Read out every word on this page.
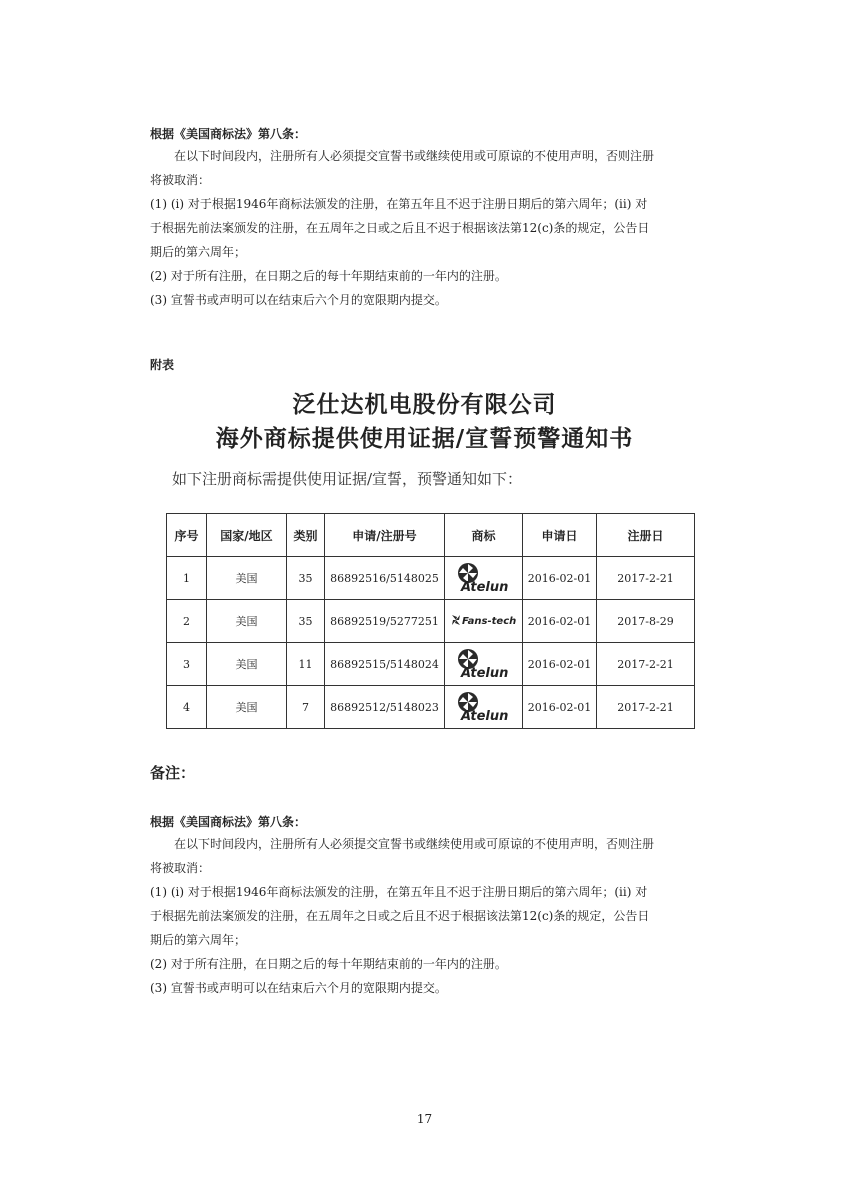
根据《美国商标法》第八条：
在以下时间段内，注册所有人必须提交宣誓书或继续使用或可原谅的不使用声明，否则注册
将被取消：
(1) (i) 对于根据1946年商标法颁发的注册，在第五年且不迟于注册日期后的第六周年；(ii) 对
于根据先前法案颁发的注册，在五周年之日或之后且不迟于根据该法第12(c)条的规定，公告日
期后的第六周年；
(2) 对于所有注册，在日期之后的每十年期结束前的一年内的注册。
(3) 宣誓书或声明可以在结束后六个月的宽限期内提交。
附表
泛仕达机电股份有限公司
海外商标提供使用证据/宣誓预警通知书
如下注册商标需提供使用证据/宣誓，预警通知如下：
序号	国家/地区	类别	申请/注册号	商标	申请日	注册日
1	美国	35	86892516/5148025	Atelun	2016-02-01	2017-2-21
2	美国	35	86892519/5277251	Fans-tech	2016-02-01	2017-8-29
3	美国	11	86892515/5148024	Atelun	2016-02-01	2017-2-21
4	美国	7	86892512/5148023	Atelun	2016-02-01	2017-2-21
备注：
根据《美国商标法》第八条：
在以下时间段内，注册所有人必须提交宣誓书或继续使用或可原谅的不使用声明，否则注册
将被取消：
(1) (i) 对于根据1946年商标法颁发的注册，在第五年且不迟于注册日期后的第六周年；(ii) 对
于根据先前法案颁发的注册，在五周年之日或之后且不迟于根据该法第12(c)条的规定，公告日
期后的第六周年；
(2) 对于所有注册，在日期之后的每十年期结束前的一年内的注册。
(3) 宣誓书或声明可以在结束后六个月的宽限期内提交。
17
